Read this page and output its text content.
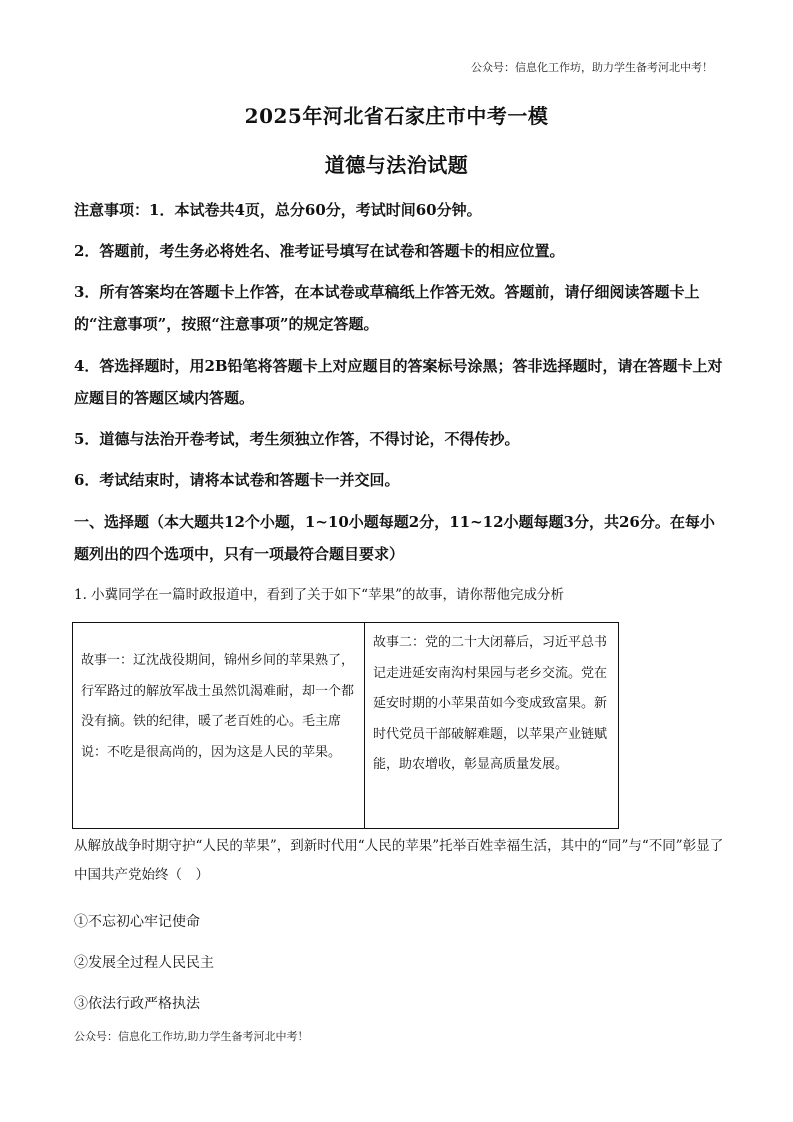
公众号：信息化工作坊，助力学生备考河北中考！
2025年河北省石家庄市中考一模
道德与法治试题

注意事项：1．本试卷共4页，总分60分，考试时间60分钟。

2．答题前，考生务必将姓名、准考证号填写在试卷和答题卡的相应位置。

3．所有答案均在答题卡上作答，在本试卷或草稿纸上作答无效。答题前，请仔细阅读答题卡上的“注意事项”，按照“注意事项”的规定答题。

4．答选择题时，用2B铅笔将答题卡上对应题目的答案标号涂黑；答非选择题时，请在答题卡上对应题目的答题区域内答题。

5．道德与法治开卷考试，考生须独立作答，不得讨论，不得传抄。

6．考试结束时，请将本试卷和答题卡一并交回。

一、选择题（本大题共12个小题，1~10小题每题2分，11~12小题每题3分，共26分。在每小题列出的四个选项中，只有一项最符合题目要求）

1. 小冀同学在一篇时政报道中，看到了关于如下“苹果”的故事，请你帮他完成分析

故事一：辽沈战役期间，锦州乡间的苹果熟了，行军路过的解放军战士虽然饥渴难耐，却一个都没有摘。铁的纪律，暖了老百姓的心。毛主席说：不吃是很高尚的，因为这是人民的苹果。
故事二：党的二十大闭幕后，习近平总书记走进延安南沟村果园与老乡交流。党在延安时期的小苹果苗如今变成致富果。新时代党员干部破解难题，以苹果产业链赋能，助农增收，彰显高质量发展。

从解放战争时期守护“人民的苹果”，到新时代用“人民的苹果”托举百姓幸福生活，其中的“同”与“不同”彰显了中国共产党始终（　）

①不忘初心牢记使命

②发展全过程人民民主

③依法行政严格执法

公众号：信息化工作坊,助力学生备考河北中考！
